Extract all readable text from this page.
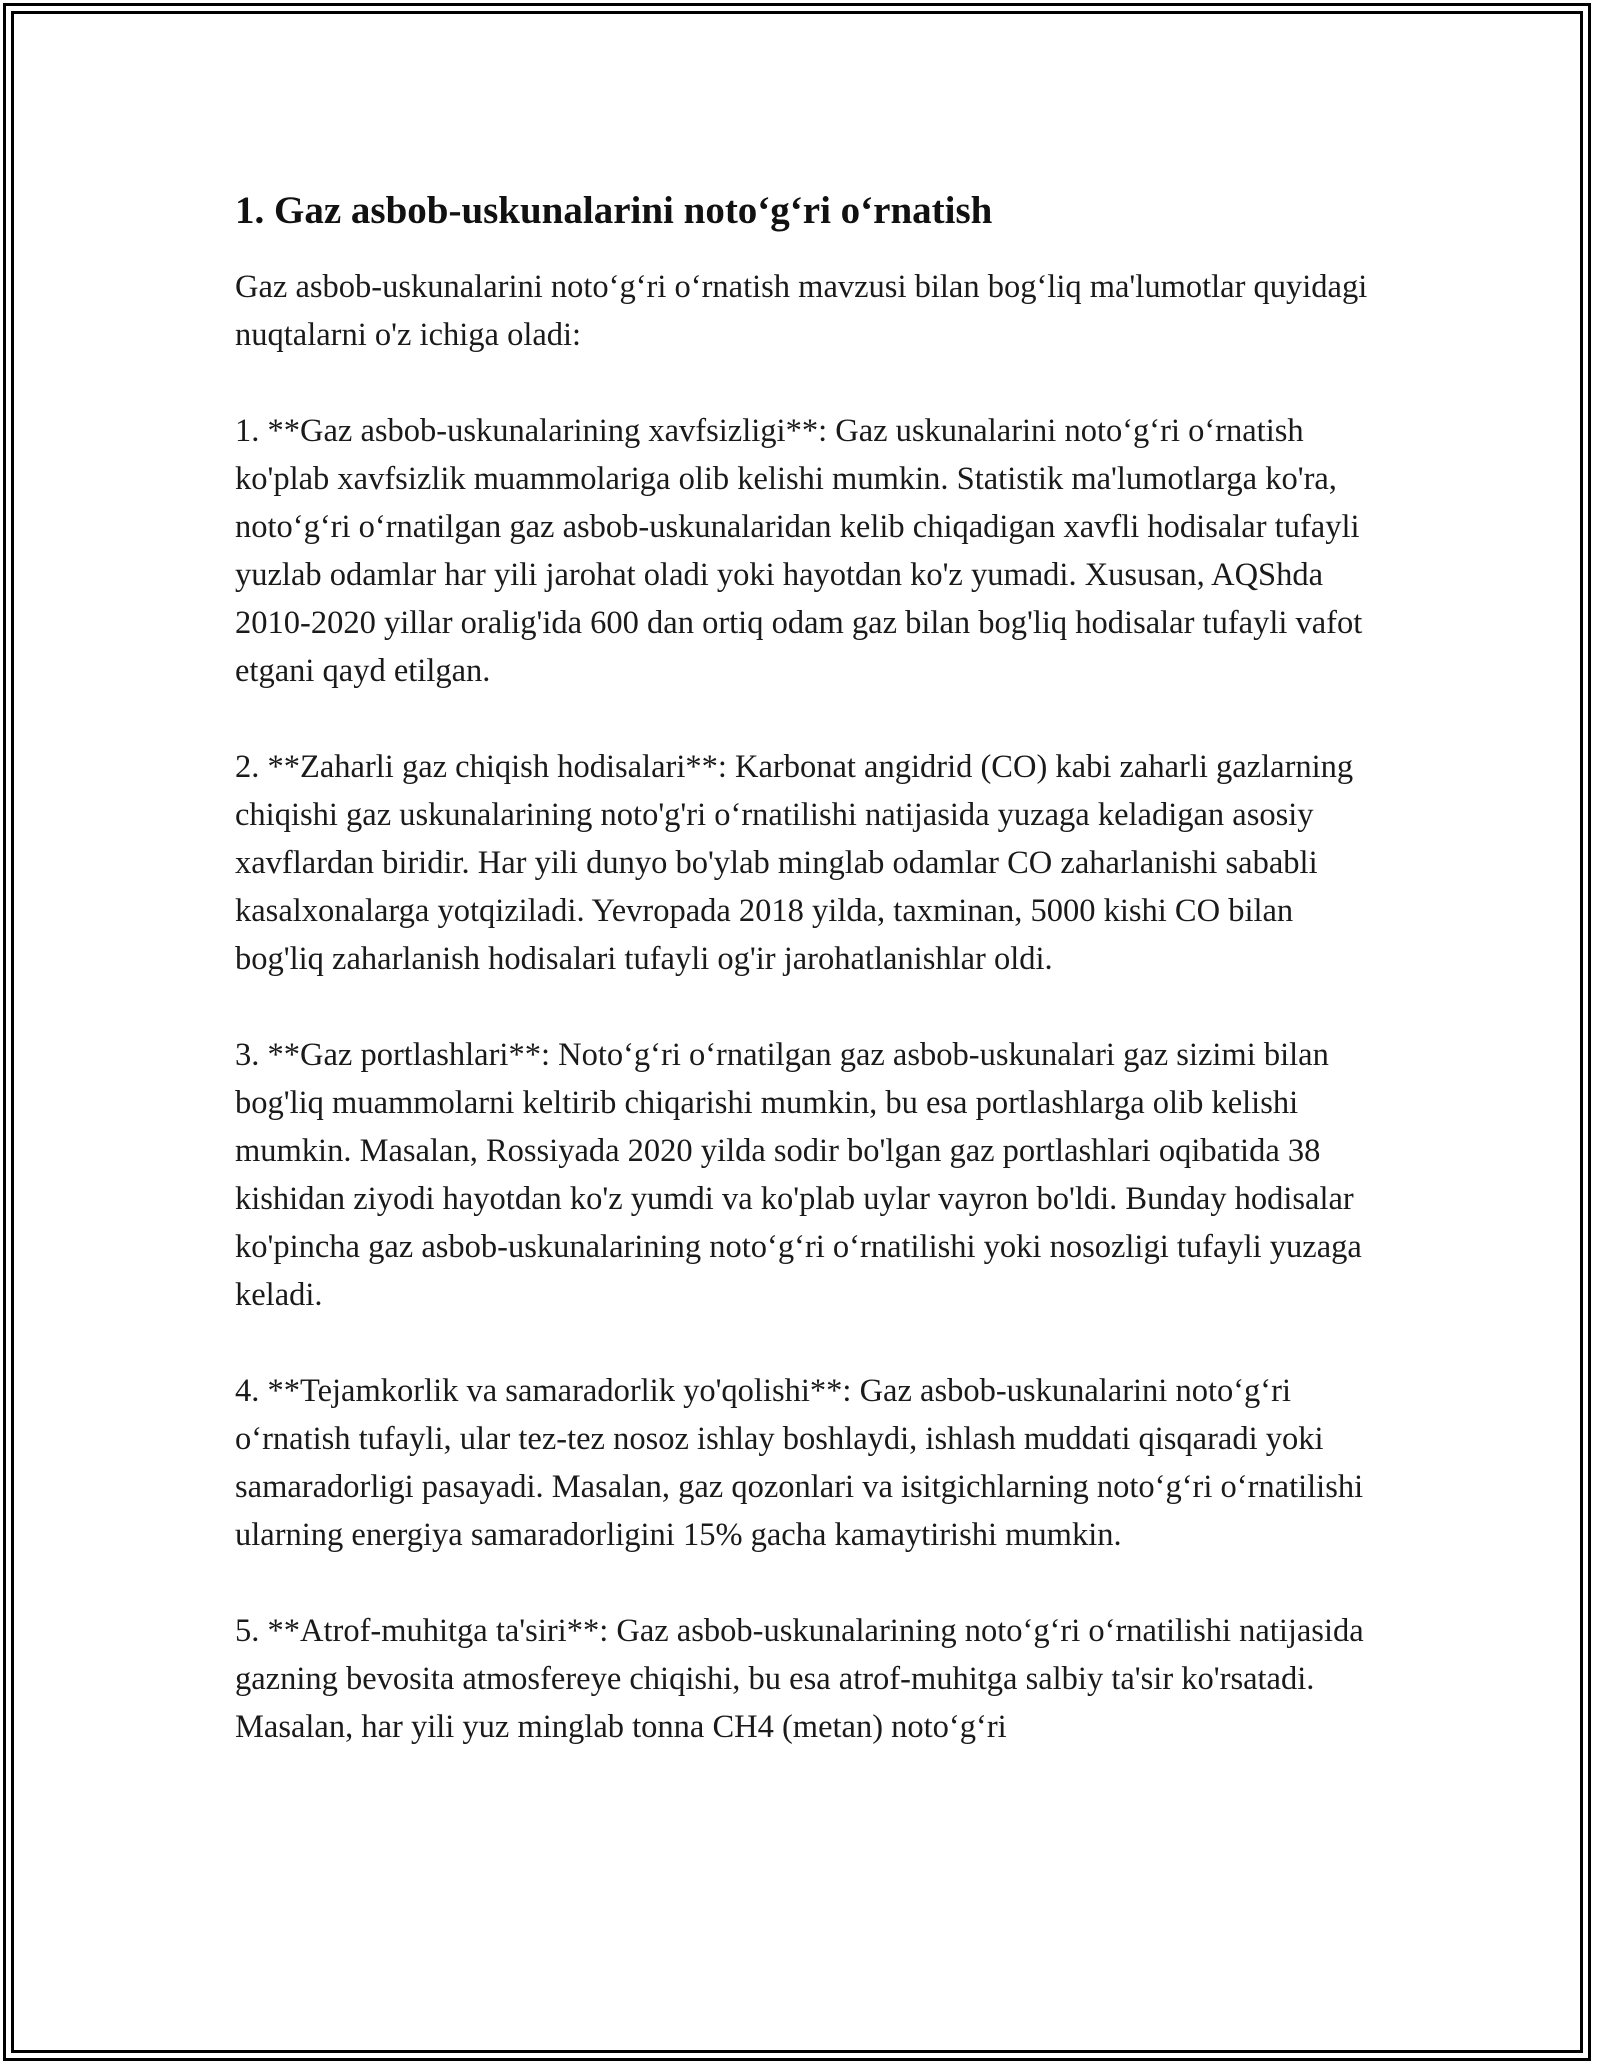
1. Gaz asbob-uskunalarini noto‘g‘ri o‘rnatish

Gaz asbob-uskunalarini noto‘g‘ri o‘rnatish mavzusi bilan bog‘liq ma'lumotlar quyidagi nuqtalarni o'z ichiga oladi:

1. **Gaz asbob-uskunalarining xavfsizligi**: Gaz uskunalarini noto‘g‘ri o‘rnatish ko'plab xavfsizlik muammolariga olib kelishi mumkin. Statistik ma'lumotlarga ko'ra, noto‘g‘ri o‘rnatilgan gaz asbob-uskunalaridan kelib chiqadigan xavfli hodisalar tufayli yuzlab odamlar har yili jarohat oladi yoki hayotdan ko'z yumadi. Xususan, AQShda 2010-2020 yillar oralig'ida 600 dan ortiq odam gaz bilan bog'liq hodisalar tufayli vafot etgani qayd etilgan.

2. **Zaharli gaz chiqish hodisalari**: Karbonat angidrid (CO) kabi zaharli gazlarning chiqishi gaz uskunalarining noto'g'ri o‘rnatilishi natijasida yuzaga keladigan asosiy xavflardan biridir. Har yili dunyo bo'ylab minglab odamlar CO zaharlanishi sababli kasalxonalarga yotqiziladi. Yevropada 2018 yilda, taxminan, 5000 kishi CO bilan bog'liq zaharlanish hodisalari tufayli og'ir jarohatlanishlar oldi.

3. **Gaz portlashlari**: Noto‘g‘ri o‘rnatilgan gaz asbob-uskunalari gaz sizimi bilan bog'liq muammolarni keltirib chiqarishi mumkin, bu esa portlashlarga olib kelishi mumkin. Masalan, Rossiyada 2020 yilda sodir bo'lgan gaz portlashlari oqibatida 38 kishidan ziyodi hayotdan ko'z yumdi va ko'plab uylar vayron bo'ldi. Bunday hodisalar ko'pincha gaz asbob-uskunalarining noto‘g‘ri o‘rnatilishi yoki nosozligi tufayli yuzaga keladi.

4. **Tejamkorlik va samaradorlik yo'qolishi**: Gaz asbob-uskunalarini noto‘g‘ri o‘rnatish tufayli, ular tez-tez nosoz ishlay boshlaydi, ishlash muddati qisqaradi yoki samaradorligi pasayadi. Masalan, gaz qozonlari va isitgichlarning noto‘g‘ri o‘rnatilishi ularning energiya samaradorligini 15% gacha kamaytirishi mumkin.

5. **Atrof-muhitga ta'siri**: Gaz asbob-uskunalarining noto‘g‘ri o‘rnatilishi natijasida gazning bevosita atmosfereye chiqishi, bu esa atrof-muhitga salbiy ta'sir ko'rsatadi. Masalan, har yili yuz minglab tonna CH4 (metan) noto‘g‘ri
